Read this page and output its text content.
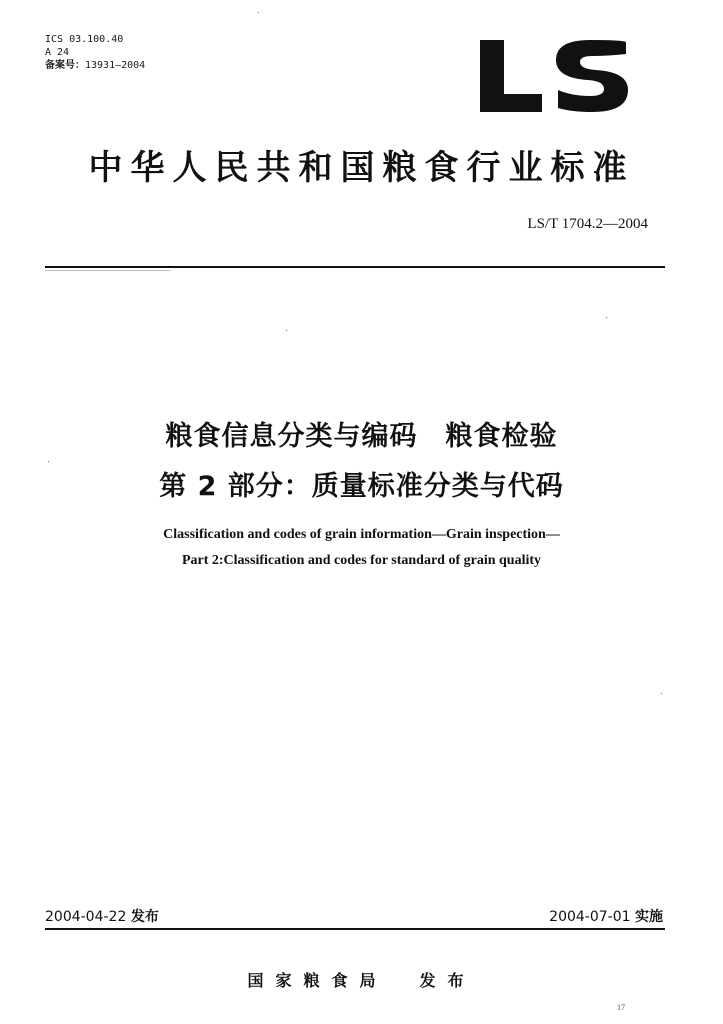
ICS 03.100.40
A 24
备案号：13931—2004
中华人民共和国粮食行业标准
LS/T 1704.2—2004
粮食信息分类与编码　粮食检验
第 2 部分：质量标准分类与代码
Classification and codes of grain information—Grain inspection—
Part 2:Classification and codes for standard of grain quality
2004-04-22 发布	2004-07-01 实施
国家粮食局 发布
17
